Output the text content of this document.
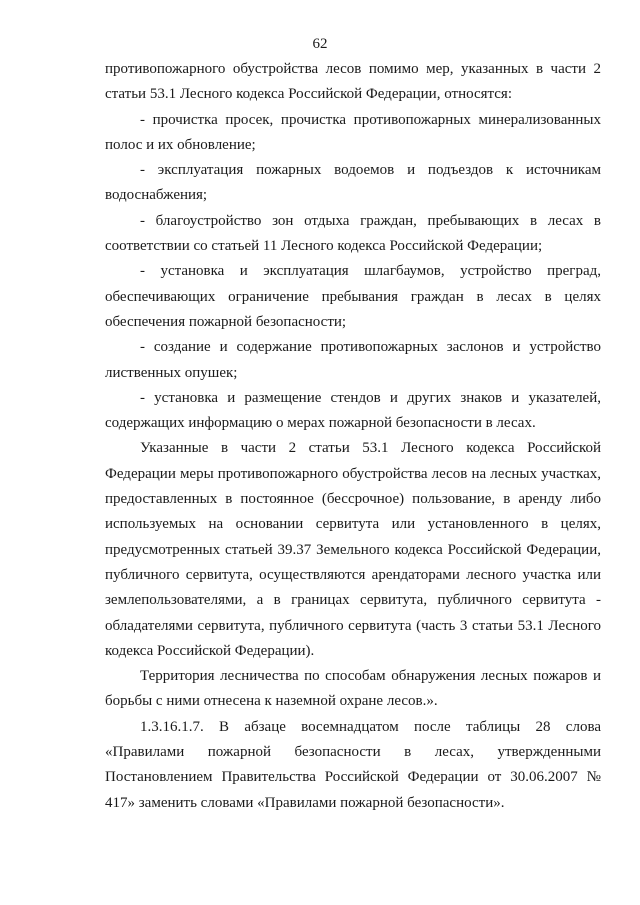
62

противопожарного обустройства лесов помимо мер, указанных в части 2 статьи 53.1 Лесного кодекса Российской Федерации, относятся:

- прочистка просек, прочистка противопожарных минерализованных полос и их обновление;

- эксплуатация пожарных водоемов и подъездов к источникам водоснабжения;

- благоустройство зон отдыха граждан, пребывающих в лесах в соответствии со статьей 11 Лесного кодекса Российской Федерации;

- установка и эксплуатация шлагбаумов, устройство преград, обеспечивающих ограничение пребывания граждан в лесах в целях обеспечения пожарной безопасности;

- создание и содержание противопожарных заслонов и устройство лиственных опушек;

- установка и размещение стендов и других знаков и указателей, содержащих информацию о мерах пожарной безопасности в лесах.

Указанные в части 2 статьи 53.1 Лесного кодекса Российской Федерации меры противопожарного обустройства лесов на лесных участках, предоставленных в постоянное (бессрочное) пользование, в аренду либо используемых на основании сервитута или установленного в целях, предусмотренных статьей 39.37 Земельного кодекса Российской Федерации, публичного сервитута, осуществляются арендаторами лесного участка или землепользователями, а в границах сервитута, публичного сервитута - обладателями сервитута, публичного сервитута (часть 3 статьи 53.1 Лесного кодекса Российской Федерации).

Территория лесничества по способам обнаружения лесных пожаров и борьбы с ними отнесена к наземной охране лесов.».

1.3.16.1.7. В абзаце восемнадцатом после таблицы 28 слова «Правилами пожарной безопасности в лесах, утвержденными Постановлением Правительства Российской Федерации от 30.06.2007 № 417» заменить словами «Правилами пожарной безопасности».
